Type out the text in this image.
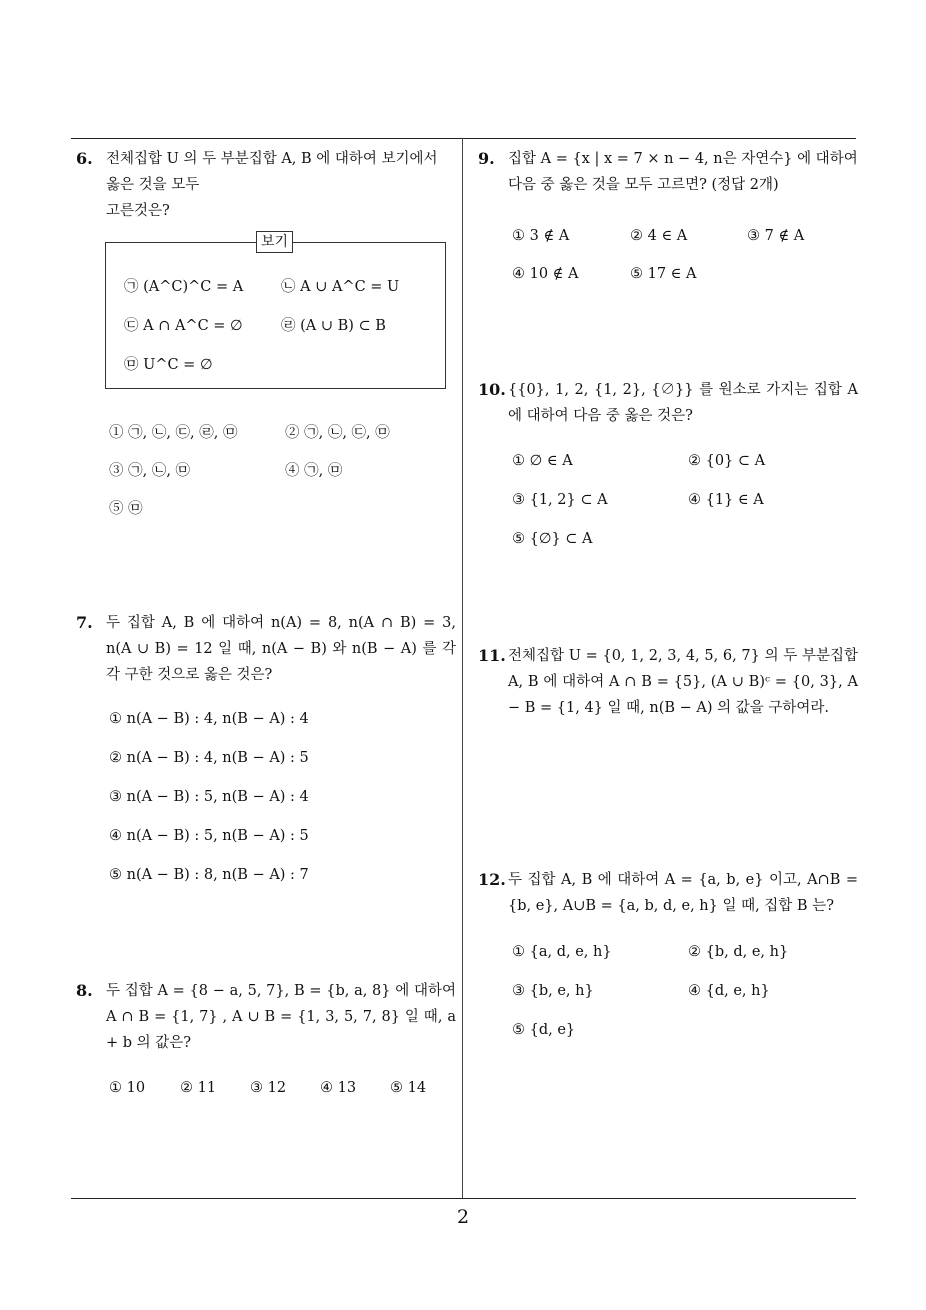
6. 전체집합 U 의 두 부분집합 A, B 에 대하여 보기에서
옳은 것을 모두
고른것은?
보기
㉠ (A^C)^C = A	㉡ A ∪ A^C = U
㉢ A ∩ A^C = ∅	㉣ (A ∪ B) ⊂ B
㉤ U^C = ∅
① ㉠, ㉡, ㉢, ㉣, ㉤	② ㉠, ㉡, ㉢, ㉤
③ ㉠, ㉡, ㉤	④ ㉠, ㉤
⑤ ㉤
7. 두 집합 A, B 에 대하여 n(A) = 8, n(A ∩ B) = 3, n(A ∪ B) = 12 일 때, n(A − B) 와 n(B − A) 를 각각 구한 것으로 옳은 것은?
① n(A − B) : 4, n(B − A) : 4
② n(A − B) : 4, n(B − A) : 5
③ n(A − B) : 5, n(B − A) : 4
④ n(A − B) : 5, n(B − A) : 5
⑤ n(A − B) : 8, n(B − A) : 7
8. 두 집합 A = {8 − a, 5, 7}, B = {b, a, 8} 에 대하여 A ∩ B = {1, 7} , A ∪ B = {1, 3, 5, 7, 8} 일 때, a + b 의 값은?
① 10 ② 11 ③ 12 ④ 13 ⑤ 14
9. 집합 A = {x | x = 7 × n − 4, n은 자연수} 에 대하여
다음 중 옳은 것을 모두 고르면? (정답 2개)
① 3 ∉ A	② 4 ∈ A	③ 7 ∉ A
④ 10 ∉ A	⑤ 17 ∈ A
10. {{0}, 1, 2, {1, 2}, {∅}} 를 원소로 가지는 집합 A 에 대하여 다음 중 옳은 것은?
① ∅ ∈ A	② {0} ⊂ A
③ {1, 2} ⊂ A	④ {1} ∈ A
⑤ {∅} ⊂ A
11. 전체집합 U = {0, 1, 2, 3, 4, 5, 6, 7} 의 두 부분집합 A, B 에 대하여 A ∩ B = {5}, (A ∪ B)ᶜ = {0, 3}, A − B = {1, 4} 일 때, n(B − A) 의 값을 구하여라.
12. 두 집합 A, B 에 대하여 A = {a, b, e} 이고, A∩B = {b, e}, A∪B = {a, b, d, e, h} 일 때, 집합 B 는?
① {a, d, e, h}	② {b, d, e, h}
③ {b, e, h}	④ {d, e, h}
⑤ {d, e}
2
